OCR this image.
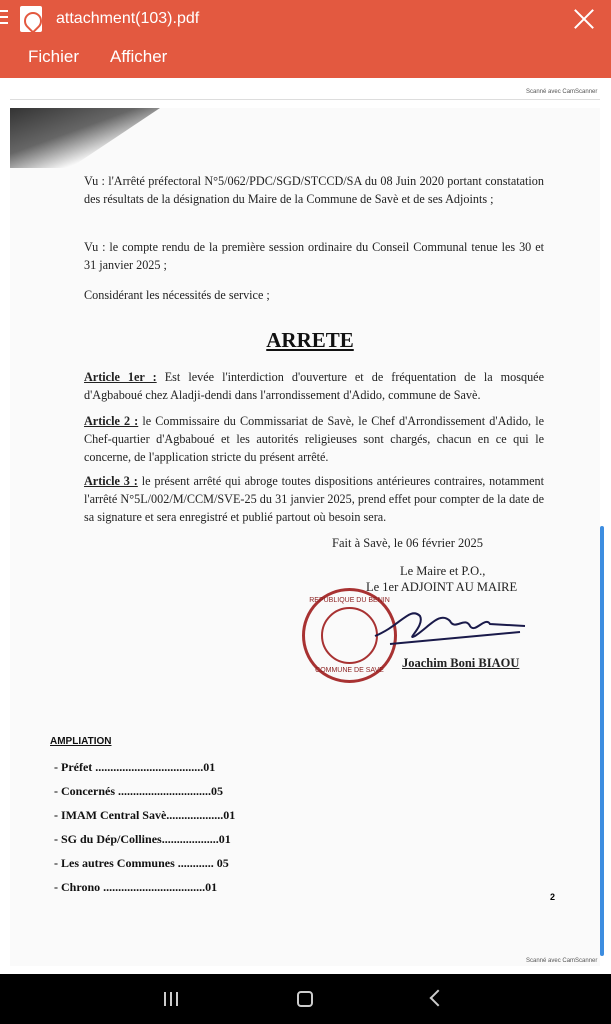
attachment(103).pdf
Fichier Afficher
Scanné avec CamScanner
Vu : l'Arrêté préfectoral N°5/062/PDC/SGD/STCCD/SA du 08 Juin 2020 portant constatation des résultats de la désignation du Maire de la Commune de Savè et de ses Adjoints ;
Vu : le compte rendu de la première session ordinaire du Conseil Communal tenue les 30 et 31 janvier 2025 ;
Considérant les nécessités de service ;
ARRETE
Article 1er : Est levée l'interdiction d'ouverture et de fréquentation de la mosquée d'Agbaboué chez Aladji-dendi dans l'arrondissement d'Adido, commune de Savè.
Article 2 : le Commissaire du Commissariat de Savè, le Chef d'Arrondissement d'Adido, le Chef-quartier d'Agbaboué et les autorités religieuses sont chargés, chacun en ce qui le concerne, de l'application stricte du présent arrêté.
Article 3 : le présent arrêté qui abroge toutes dispositions antérieures contraires, notamment l'arrêté N°5L/002/M/CCM/SVE-25 du 31 janvier 2025, prend effet pour compter de la date de sa signature et sera enregistré et publié partout où besoin sera.
Fait à Savè, le 06 février 2025
Le Maire et P.O.,
Le 1er ADJOINT AU MAIRE
REPUBLIQUE DU BENIN
COMMUNE DE SAVE
Joachim Boni BIAOU
AMPLIATION
- Préfet ....................................01
- Concernés ...............................05
- IMAM Central Savè...................01
- SG du Dép/Collines...................01
- Les autres Communes ............ 05
- Chrono ..................................01
2
Scanné avec CamScanner
